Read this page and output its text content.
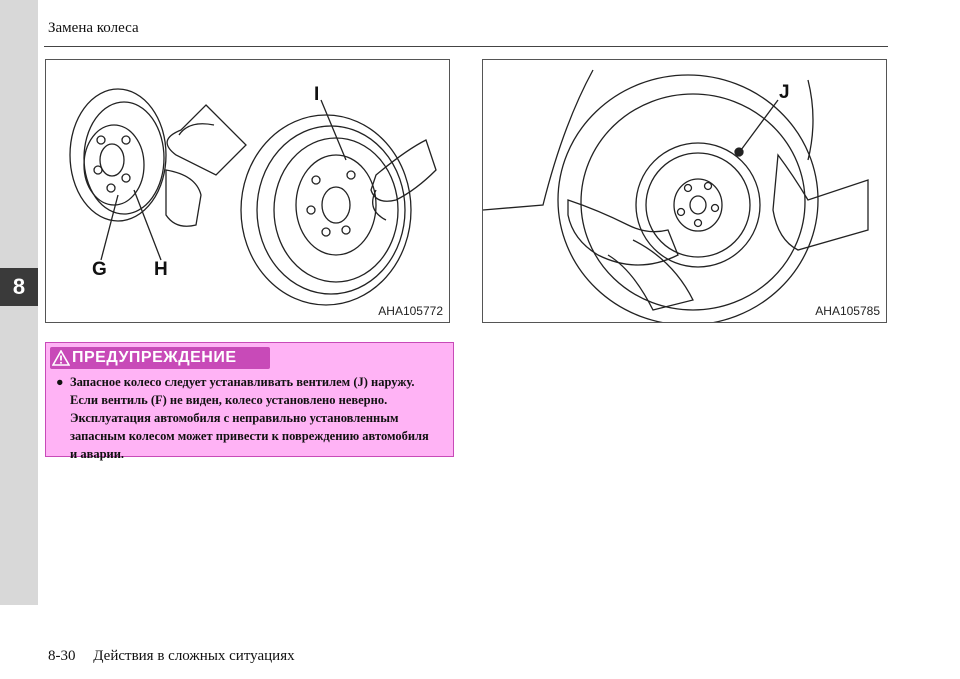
8
Замена колеса
G H
I
AHA105772
J
AHA105785
ПРЕДУПРЕЖДЕНИЕ
● Запасное колесо следует устанавливать вентилем (J) наружу.
Если вентиль (F) не виден, колесо установлено неверно.
Эксплуатация автомобиля с неправильно установленным
запасным колесом может привести к повреждению автомобиля
и аварии.
8-30 Действия в сложных ситуациях
